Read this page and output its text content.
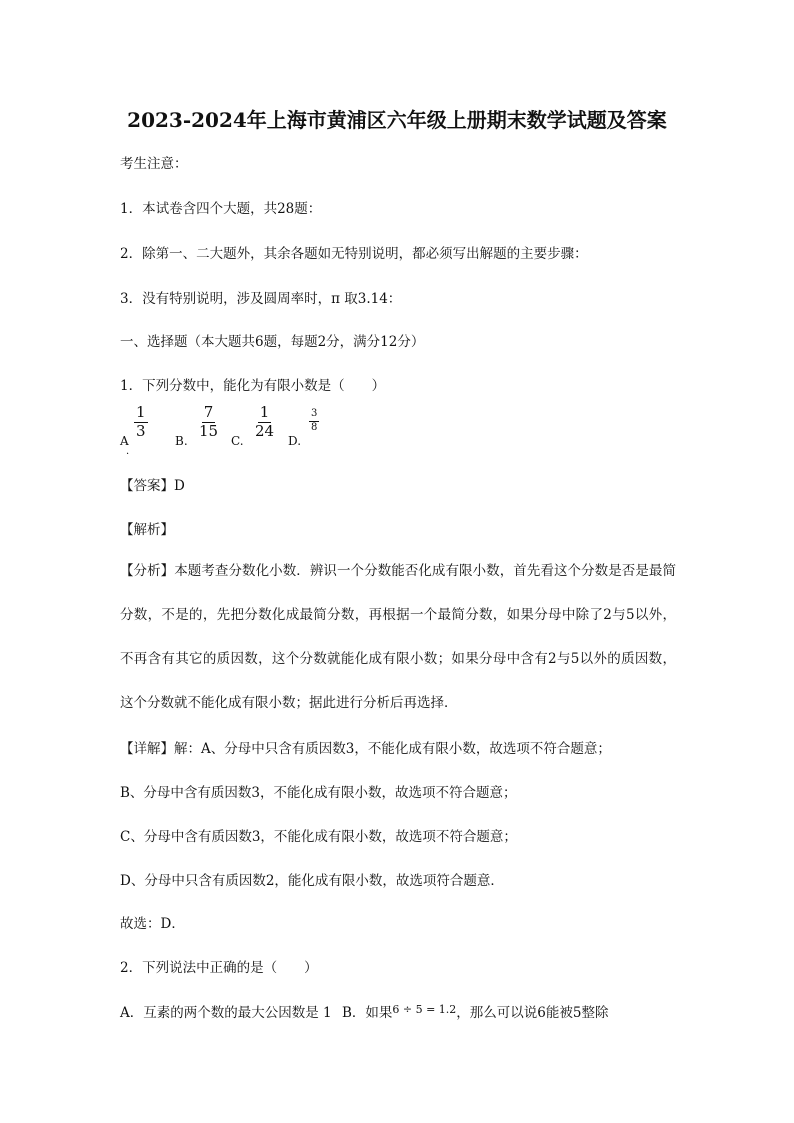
2023-2024年上海市黄浦区六年级上册期末数学试题及答案
考生注意：
1．本试卷含四个大题，共28题：
2．除第一、二大题外，其余各题如无特别说明，都必须写出解题的主要步骤：
3．没有特别说明，涉及圆周率时，π 取3.14：
一、选择题（本大题共6题，每题2分，满分12分）
1．下列分数中，能化为有限小数是（　　）
A
$\frac{1}{3}$
·
B.
$\frac{7}{15}$
C.
$\frac{1}{24}$
D.
$\frac{3}{8}$
【答案】D
【解析】
【分析】本题考查分数化小数．辨识一个分数能否化成有限小数，首先看这个分数是否是最简分数，不是的，先把分数化成最简分数，再根据一个最简分数，如果分母中除了2与5以外，不再含有其它的质因数，这个分数就能化成有限小数；如果分母中含有2与5以外的质因数，这个分数就不能化成有限小数；据此进行分析后再选择．
【详解】解：A、分母中只含有质因数3，不能化成有限小数，故选项不符合题意；
B、分母中含有质因数3，不能化成有限小数，故选项不符合题意；
C、分母中含有质因数3，不能化成有限小数，故选项不符合题意；
D、分母中只含有质因数2，能化成有限小数，故选项符合题意．
故选：D．
2．下列说法中正确的是（　　）
A．互素的两个数的最大公因数是 1 B．如果$^{6 \div 5 = 1.2}$，那么可以说6能被5整除
